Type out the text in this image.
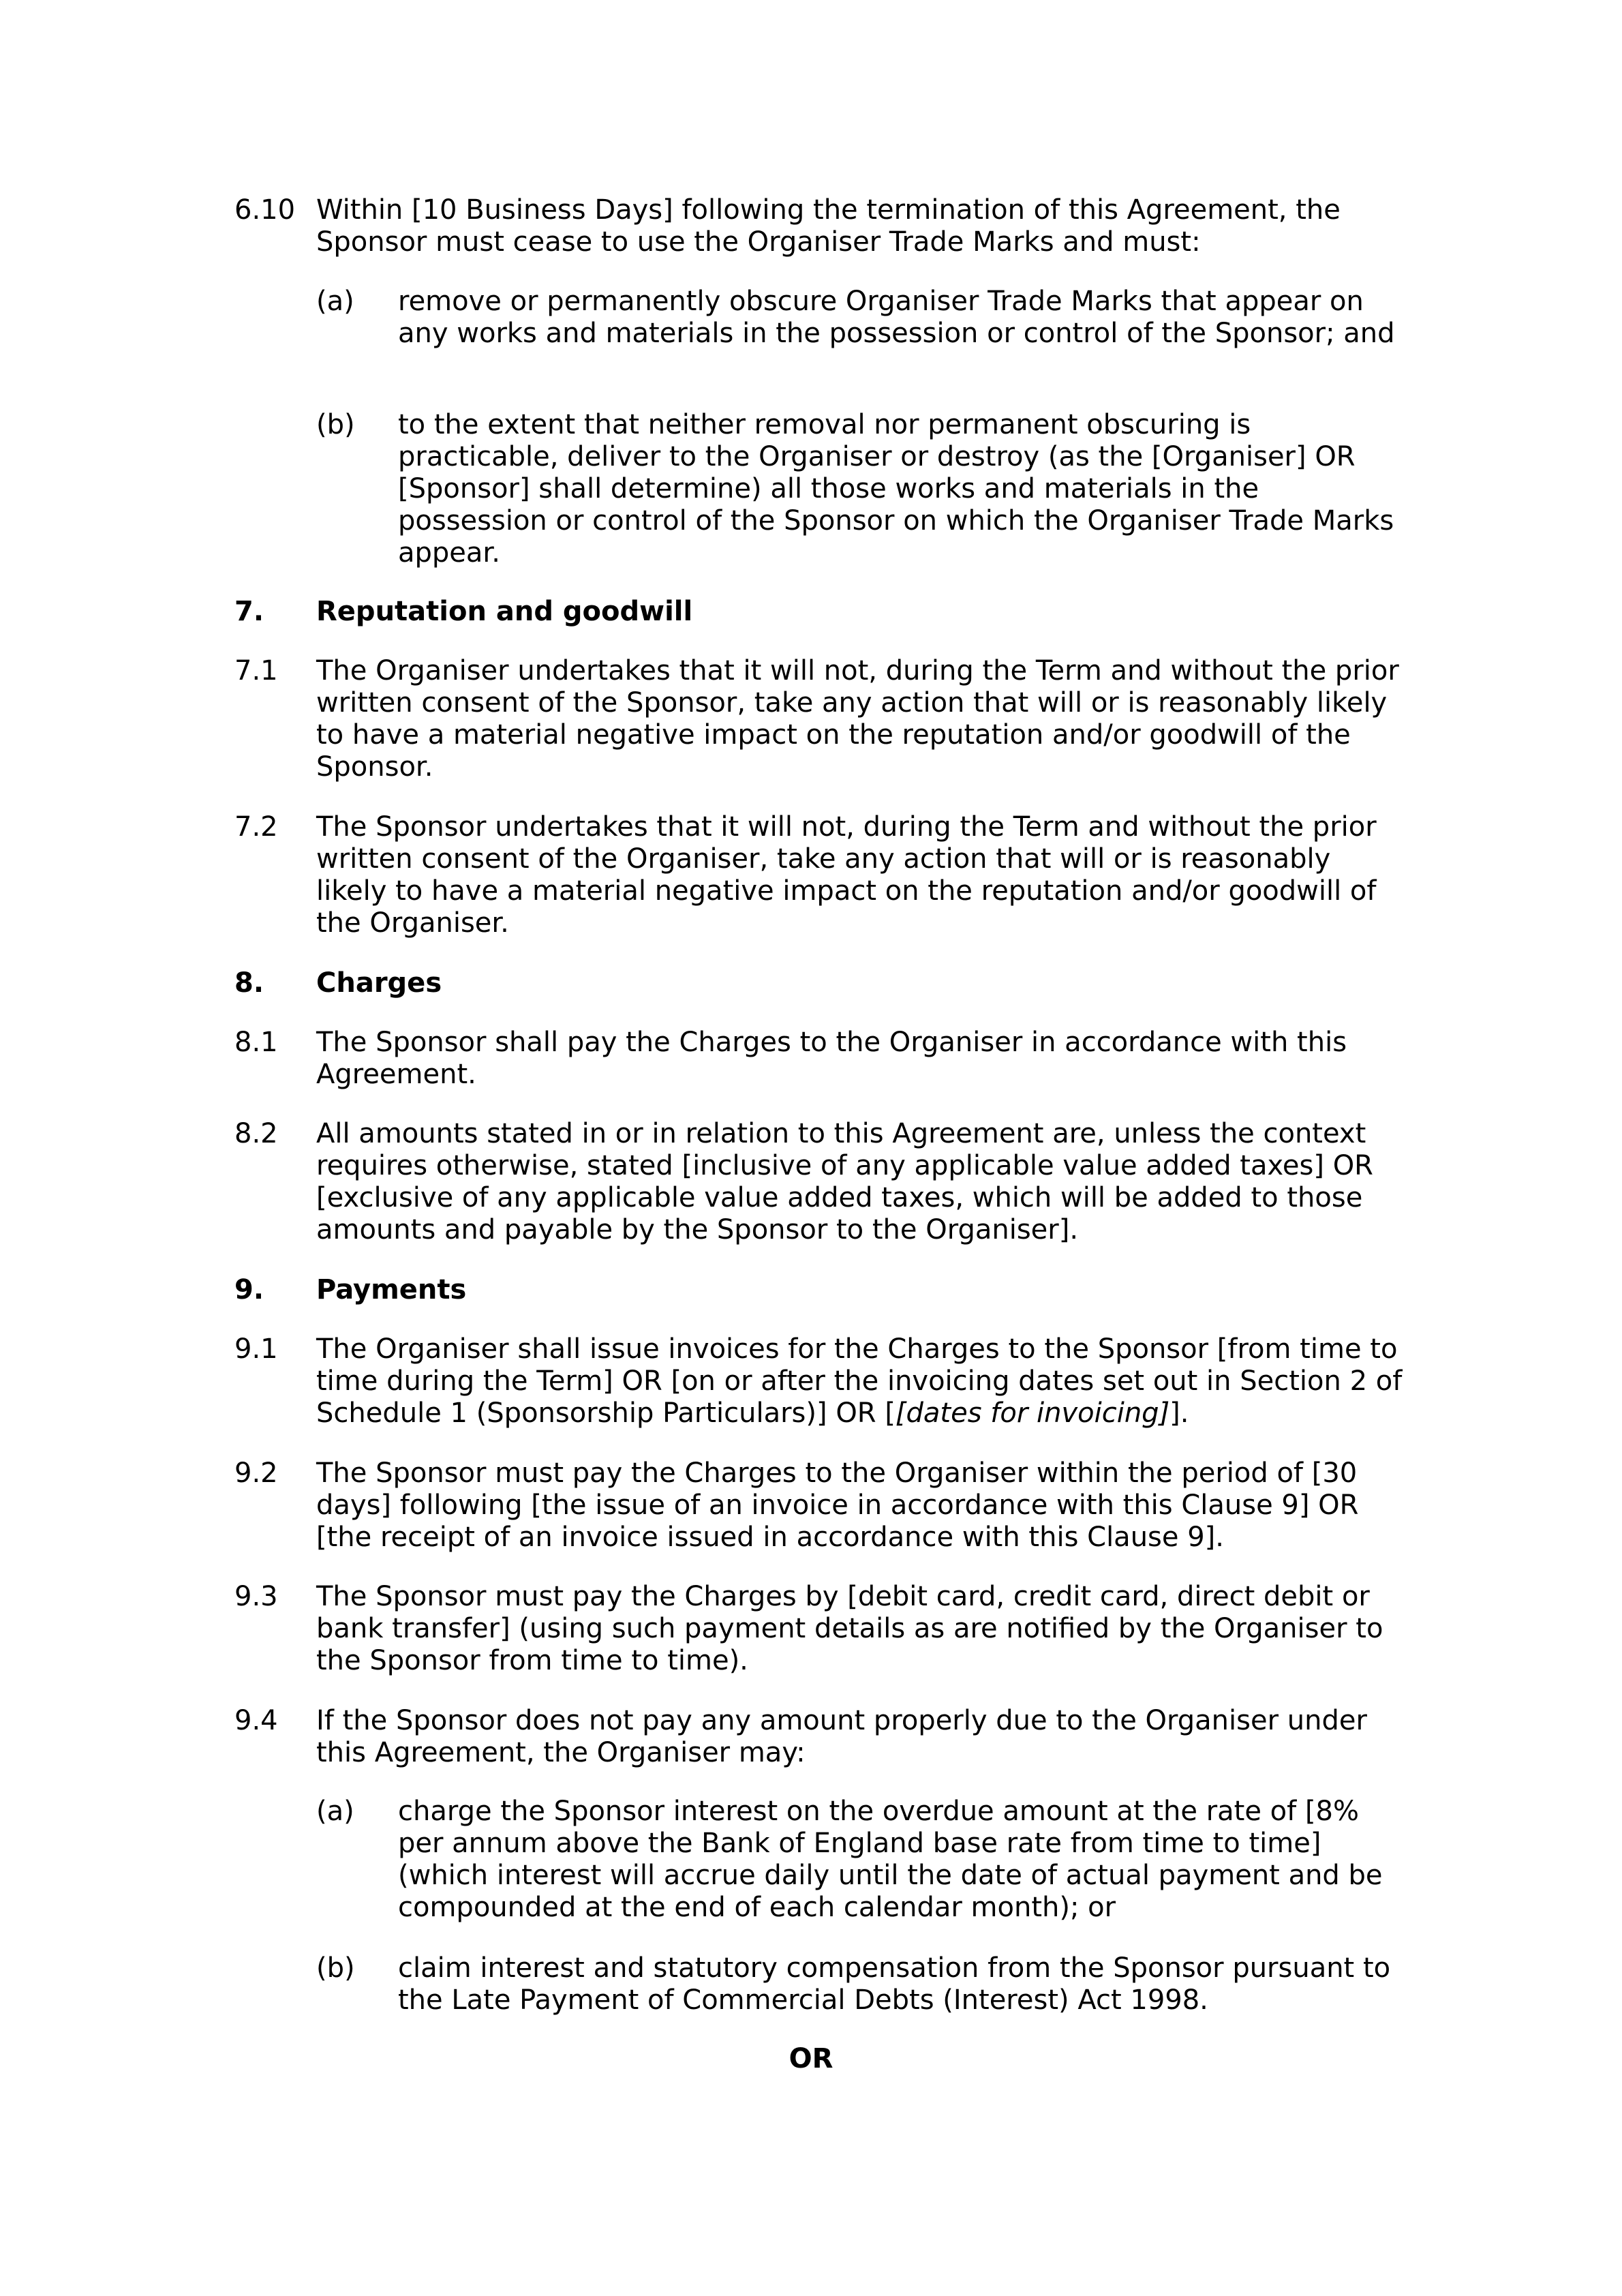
6.10 Within [10 Business Days] following the termination of this Agreement, the Sponsor must cease to use the Organiser Trade Marks and must:
(a) remove or permanently obscure Organiser Trade Marks that appear on any works and materials in the possession or control of the Sponsor; and
(b) to the extent that neither removal nor permanent obscuring is practicable, deliver to the Organiser or destroy (as the [Organiser] OR [Sponsor] shall determine) all those works and materials in the possession or control of the Sponsor on which the Organiser Trade Marks appear.
7. Reputation and goodwill
7.1 The Organiser undertakes that it will not, during the Term and without the prior written consent of the Sponsor, take any action that will or is reasonably likely to have a material negative impact on the reputation and/or goodwill of the Sponsor.
7.2 The Sponsor undertakes that it will not, during the Term and without the prior written consent of the Organiser, take any action that will or is reasonably likely to have a material negative impact on the reputation and/or goodwill of the Organiser.
8. Charges
8.1 The Sponsor shall pay the Charges to the Organiser in accordance with this Agreement.
8.2 All amounts stated in or in relation to this Agreement are, unless the context requires otherwise, stated [inclusive of any applicable value added taxes] OR [exclusive of any applicable value added taxes, which will be added to those amounts and payable by the Sponsor to the Organiser].
9. Payments
9.1 The Organiser shall issue invoices for the Charges to the Sponsor [from time to time during the Term] OR [on or after the invoicing dates set out in Section 2 of Schedule 1 (Sponsorship Particulars)] OR [[dates for invoicing]].
9.2 The Sponsor must pay the Charges to the Organiser within the period of [30 days] following [the issue of an invoice in accordance with this Clause 9] OR [the receipt of an invoice issued in accordance with this Clause 9].
9.3 The Sponsor must pay the Charges by [debit card, credit card, direct debit or bank transfer] (using such payment details as are notified by the Organiser to the Sponsor from time to time).
9.4 If the Sponsor does not pay any amount properly due to the Organiser under this Agreement, the Organiser may:
(a) charge the Sponsor interest on the overdue amount at the rate of [8% per annum above the Bank of England base rate from time to time] (which interest will accrue daily until the date of actual payment and be compounded at the end of each calendar month); or
(b) claim interest and statutory compensation from the Sponsor pursuant to the Late Payment of Commercial Debts (Interest) Act 1998.
OR
